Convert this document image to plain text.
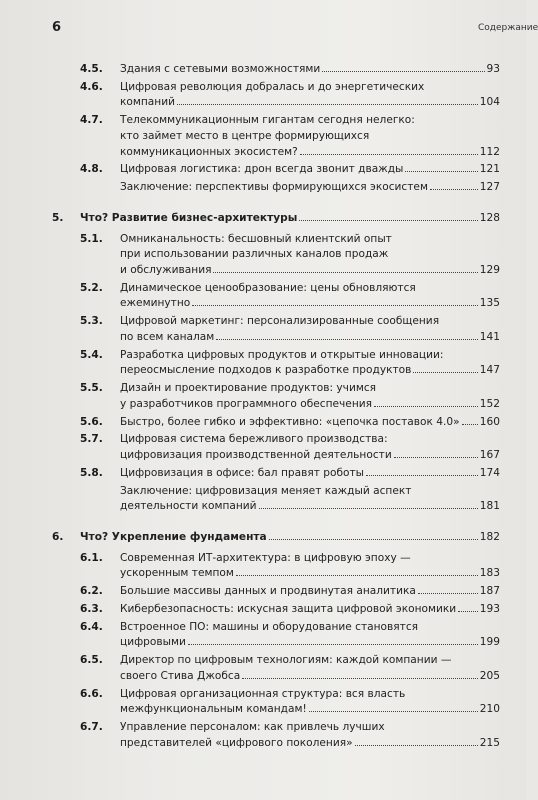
6	Содержание
4.5.	Здания с сетевыми возможностями	93
4.6.	Цифровая революция добралась и до энергетических
компаний	104
4.7.	Телекоммуникационным гигантам сегодня нелегко:
кто займет место в центре формирующихся
коммуникационных экосистем?	112
4.8.	Цифровая логистика: дрон всегда звонит дважды	121
Заключение: перспективы формирующихся экосистем	127
5.	Что? Развитие бизнес-архитектуры	128
5.1.	Омниканальность: бесшовный клиентский опыт
при использовании различных каналов продаж
и обслуживания	129
5.2.	Динамическое ценообразование: цены обновляются
ежеминутно	135
5.3.	Цифровой маркетинг: персонализированные сообщения
по всем каналам	141
5.4.	Разработка цифровых продуктов и открытые инновации:
переосмысление подходов к разработке продуктов	147
5.5.	Дизайн и проектирование продуктов: учимся
у разработчиков программного обеспечения	152
5.6.	Быстро, более гибко и эффективно: «цепочка поставок 4.0» 160
5.7.	Цифровая система бережливого производства:
цифровизация производственной деятельности	167
5.8.	Цифровизация в офисе: бал правят роботы	174
Заключение: цифровизация меняет каждый аспект
деятельности компаний	181
6.	Что? Укрепление фундамента	182
6.1.	Современная ИТ-архитектура: в цифровую эпоху —
ускоренным темпом	183
6.2.	Большие массивы данных и продвинутая аналитика	187
6.3.	Кибербезопасность: искусная защита цифровой экономики 193
6.4.	Встроенное ПО: машины и оборудование становятся
цифровыми	199
6.5.	Директор по цифровым технологиям: каждой компании —
своего Стива Джобса	205
6.6.	Цифровая организационная структура: вся власть
межфункциональным командам!	210
6.7.	Управление персоналом: как привлечь лучших
представителей «цифрового поколения»	215
